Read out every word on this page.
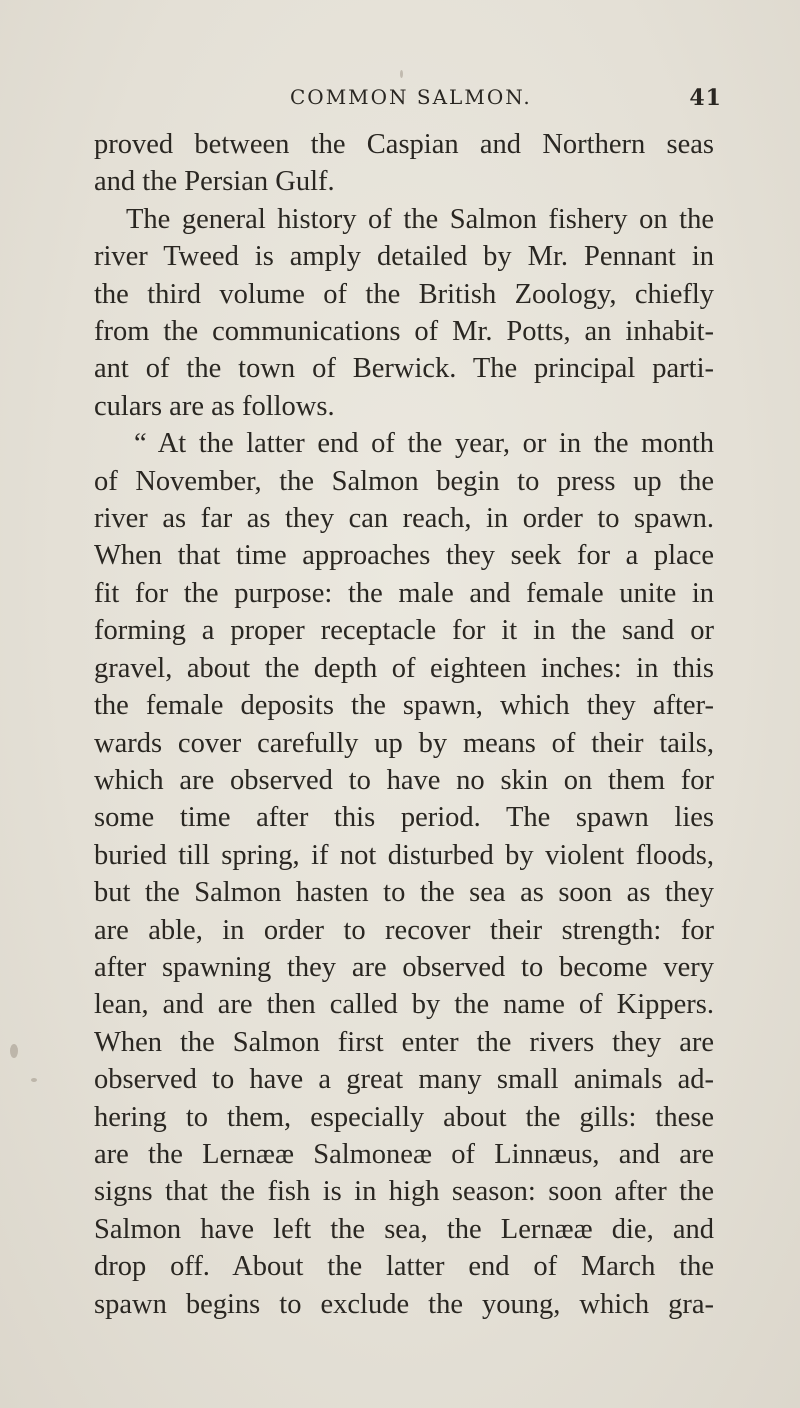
COMMON SALMON.	41
proved between the Caspian and Northern seas
and the Persian Gulf.
The general history of the Salmon fishery on the
river Tweed is amply detailed by Mr. Pennant in
the third volume of the British Zoology, chiefly
from the communications of Mr. Potts, an inhabit-
ant of the town of Berwick. The principal parti-
culars are as follows.
“ At the latter end of the year, or in the month
of November, the Salmon begin to press up the
river as far as they can reach, in order to spawn.
When that time approaches they seek for a place
fit for the purpose: the male and female unite in
forming a proper receptacle for it in the sand or
gravel, about the depth of eighteen inches: in this
the female deposits the spawn, which they after-
wards cover carefully up by means of their tails,
which are observed to have no skin on them for
some time after this period. The spawn lies
buried till spring, if not disturbed by violent floods,
but the Salmon hasten to the sea as soon as they
are able, in order to recover their strength: for
after spawning they are observed to become very
lean, and are then called by the name of Kippers.
When the Salmon first enter the rivers they are
observed to have a great many small animals ad-
hering to them, especially about the gills: these
are the Lernææ Salmoneæ of Linnæus, and are
signs that the fish is in high season: soon after the
Salmon have left the sea, the Lernææ die, and
drop off. About the latter end of March the
spawn begins to exclude the young, which gra-
